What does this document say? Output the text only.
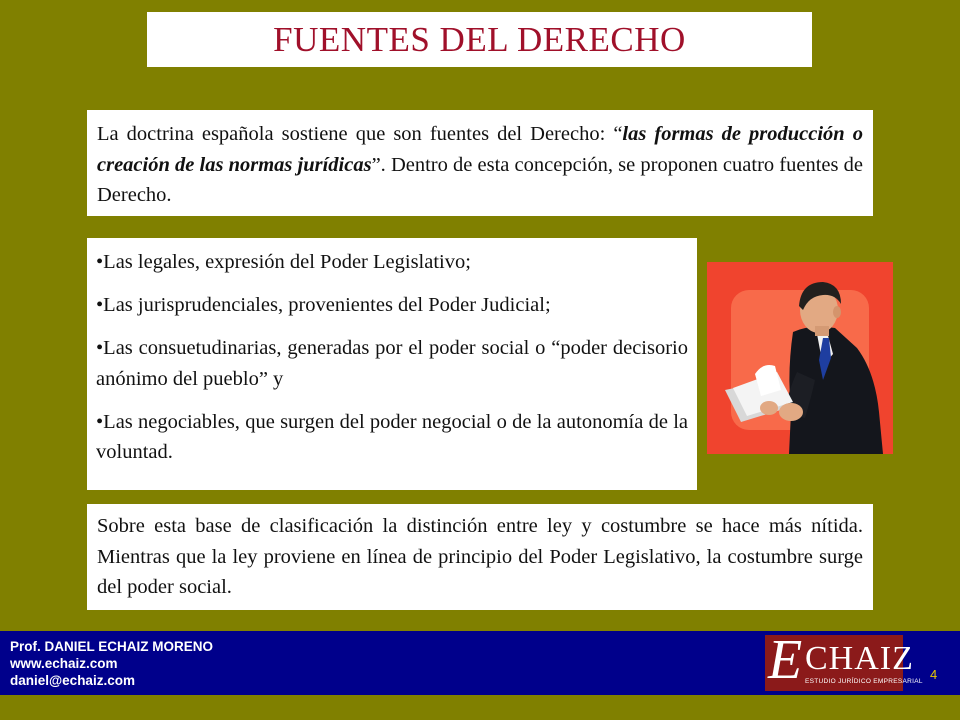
FUENTES DEL DERECHO
La doctrina española sostiene que son fuentes del Derecho: “las formas de producción o creación de las normas jurídicas”. Dentro de esta concepción, se proponen cuatro fuentes de Derecho.

•Las legales, expresión del Poder Legislativo;

•Las jurisprudenciales, provenientes del Poder Judicial;

•Las consuetudinarias, generadas por el poder social o “poder decisorio anónimo del pueblo” y

•Las negociables, que surgen del poder negocial o de la autonomía de la voluntad.

Sobre esta base de clasificación la distinción entre ley y costumbre se hace más nítida. Mientras que la ley proviene en línea de principio del Poder Legislativo, la costumbre surge del poder social.
Prof. DANIEL ECHAIZ MORENO
www.echaiz.com
daniel@echaiz.com	E CHAIZ
ESTUDIO JURÍDICO EMPRESARIAL 4
